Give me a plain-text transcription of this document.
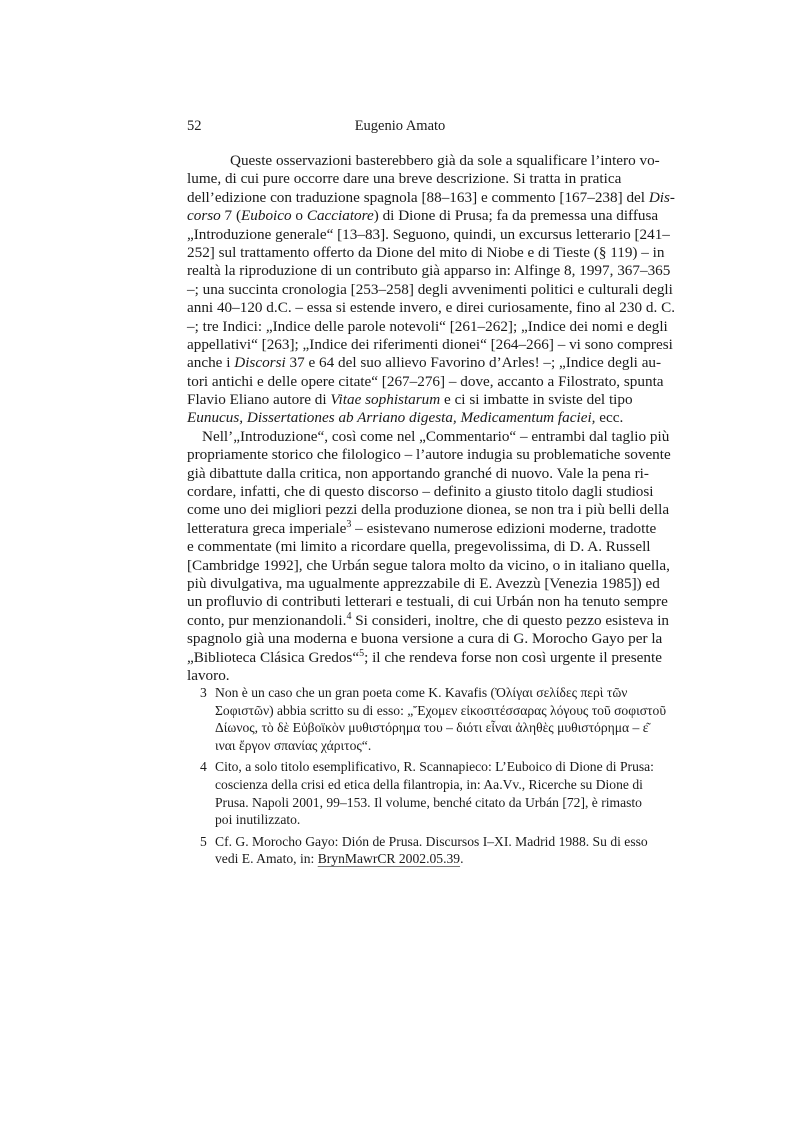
52	Eugenio Amato
Queste osservazioni basterebbero già da sole a squalificare l’intero vo-
lume, di cui pure occorre dare una breve descrizione. Si tratta in pratica
dell’edizione con traduzione spagnola [88–163] e commento [167–238] del Dis-
corso 7 (Euboico o Cacciatore) di Dione di Prusa; fa da premessa una diffusa
„Introduzione generale“ [13–83]. Seguono, quindi, un excursus letterario [241–
252] sul trattamento offerto da Dione del mito di Niobe e di Tieste (§ 119) – in
realtà la riproduzione di un contributo già apparso in: Alfinge 8, 1997, 367–365
–; una succinta cronologia [253–258] degli avvenimenti politici e culturali degli
anni 40–120 d.C. – essa si estende invero, e direi curiosamente, fino al 230 d. C.
–; tre Indici: „Indice delle parole notevoli“ [261–262]; „Indice dei nomi e degli
appellativi“ [263]; „Indice dei riferimenti dionei“ [264–266] – vi sono compresi
anche i Discorsi 37 e 64 del suo allievo Favorino d’Arles! –; „Indice degli au-
tori antichi e delle opere citate“ [267–276] – dove, accanto a Filostrato, spunta
Flavio Eliano autore di Vitae sophistarum e ci si imbatte in sviste del tipo
Eunucus, Dissertationes ab Arriano digesta, Medicamentum faciei, ecc.
Nell’„Introduzione“, così come nel „Commentario“ – entrambi dal taglio più
propriamente storico che filologico – l’autore indugia su problematiche sovente
già dibattute dalla critica, non apportando granché di nuovo. Vale la pena ri-
cordare, infatti, che di questo discorso – definito a giusto titolo dagli studiosi
come uno dei migliori pezzi della produzione dionea, se non tra i più belli della
letteratura greca imperiale$^3$ – esistevano numerose edizioni moderne, tradotte
e commentate (mi limito a ricordare quella, pregevolissima, di D. A. Russell
[Cambridge 1992], che Urbán segue talora molto da vicino, o in italiano quella,
più divulgativa, ma ugualmente apprezzabile di E. Avezzù [Venezia 1985]) ed
un profluvio di contributi letterari e testuali, di cui Urbán non ha tenuto sempre
conto, pur menzionandoli.$^4$ Si consideri, inoltre, che di questo pezzo esisteva in
spagnolo già una moderna e buona versione a cura di G. Morocho Gayo per la
„Biblioteca Clásica Gredos“$^5$; il che rendeva forse non così urgente il presente
lavoro.
3 Non è un caso che un gran poeta come K. Kavafis (Ὀλίγαι σελίδες περὶ τῶν
Σοφιστῶν) abbia scritto su di esso: „Ἔχομεν εἰκοσιτέσσαρας λόγους τοῦ σοφιστοῦ
Δίωνος, τὸ δὲ Εὐβοϊκὸν μυθιστόρημα του – διότι εἶναι ἀληθὲς μυθιστόρημα – ε͂
ιναι ἔργον σπανίας χάριτος“.
4 Cito, a solo titolo esemplificativo, R. Scannapieco: L’Euboico di Dione di Prusa:
coscienza della crisi ed etica della filantropia, in: Aa.Vv., Ricerche su Dione di
Prusa. Napoli 2001, 99–153. Il volume, benché citato da Urbán [72], è rimasto
poi inutilizzato.
5 Cf. G. Morocho Gayo: Dión de Prusa. Discursos I–XI. Madrid 1988. Su di esso
vedi E. Amato, in: BrynMawrCR 2002.05.39.
